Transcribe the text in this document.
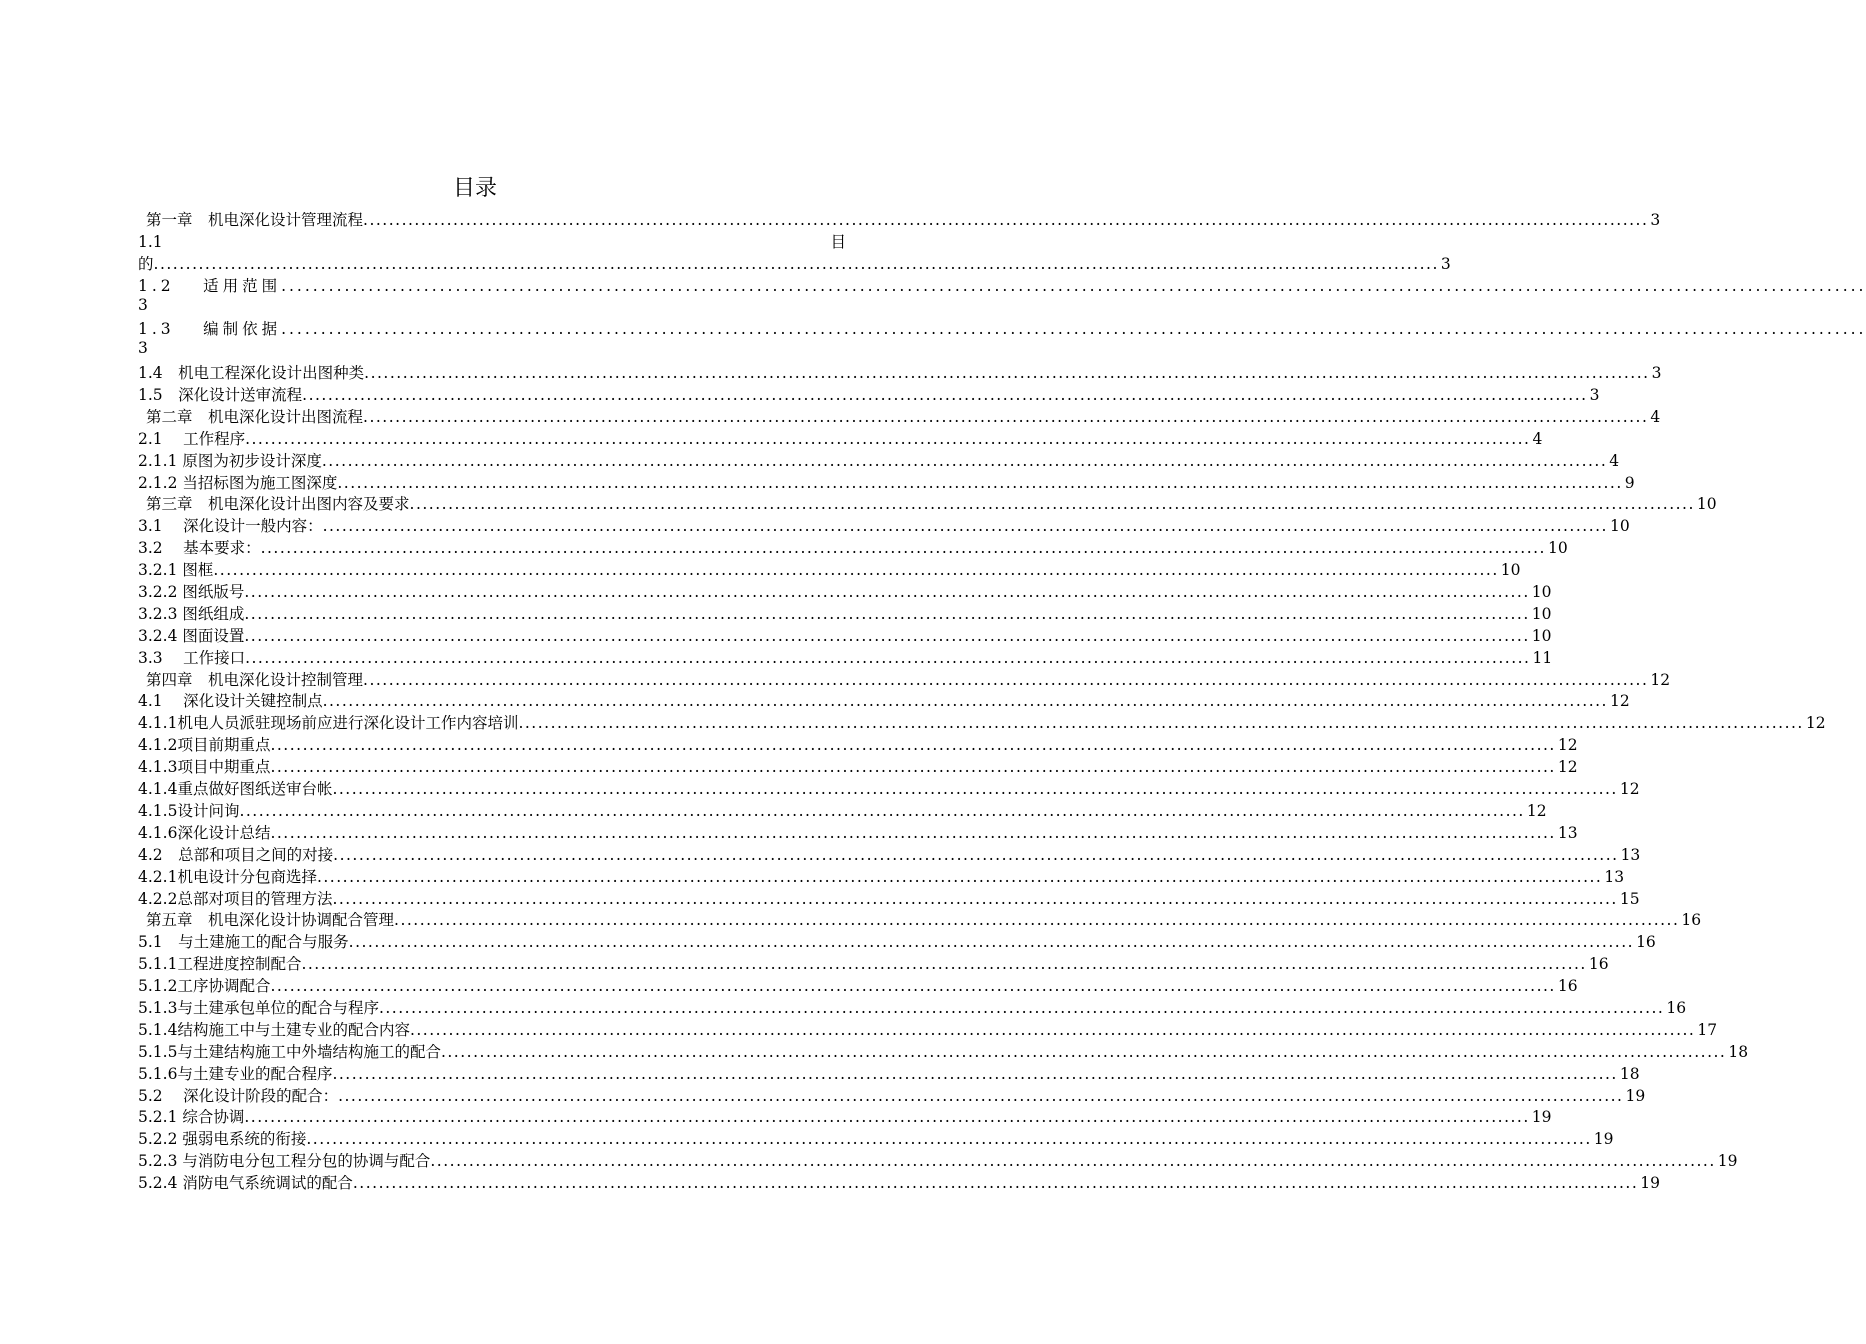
目录
第一章　机电深化设计管理流程 ........................................................................................................................................................................................................ 3
1.1	目
的 ........................................................................................................................................................................................................ 3
1.2　 适用范围 ........................................................................................................................................................................................................
3
1.3　 编制依据 ........................................................................................................................................................................................................
3
1.4　机电工程深化设计出图种类 ........................................................................................................................................................................................................ 3
1.5　深化设计送审流程 ........................................................................................................................................................................................................ 3
第二章　机电深化设计出图流程 ........................................................................................................................................................................................................ 4
2.1　 工作程序 ........................................................................................................................................................................................................ 4
2.1.1 原图为初步设计深度 ........................................................................................................................................................................................................ 4
2.1.2 当招标图为施工图深度 ........................................................................................................................................................................................................ 9
第三章　机电深化设计出图内容及要求 ........................................................................................................................................................................................................ 10
3.1　 深化设计一般内容： ........................................................................................................................................................................................................ 10
3.2　 基本要求： ........................................................................................................................................................................................................ 10
3.2.1 图框 ........................................................................................................................................................................................................ 10
3.2.2 图纸版号 ........................................................................................................................................................................................................ 10
3.2.3 图纸组成 ........................................................................................................................................................................................................ 10
3.2.4 图面设置 ........................................................................................................................................................................................................ 10
3.3　 工作接口 ........................................................................................................................................................................................................ 11
第四章　机电深化设计控制管理 ........................................................................................................................................................................................................ 12
4.1　 深化设计关键控制点 ........................................................................................................................................................................................................ 12
4.1.1机电人员派驻现场前应进行深化设计工作内容培训 ........................................................................................................................................................................................................ 12
4.1.2项目前期重点 ........................................................................................................................................................................................................ 12
4.1.3项目中期重点 ........................................................................................................................................................................................................ 12
4.1.4重点做好图纸送审台帐 ........................................................................................................................................................................................................ 12
4.1.5设计问询 ........................................................................................................................................................................................................ 12
4.1.6深化设计总结 ........................................................................................................................................................................................................ 13
4.2　总部和项目之间的对接 ........................................................................................................................................................................................................ 13
4.2.1机电设计分包商选择 ........................................................................................................................................................................................................ 13
4.2.2总部对项目的管理方法 ........................................................................................................................................................................................................ 15
第五章　机电深化设计协调配合管理 ........................................................................................................................................................................................................ 16
5.1　与土建施工的配合与服务 ........................................................................................................................................................................................................ 16
5.1.1工程进度控制配合 ........................................................................................................................................................................................................ 16
5.1.2工序协调配合 ........................................................................................................................................................................................................ 16
5.1.3与土建承包单位的配合与程序 ........................................................................................................................................................................................................ 16
5.1.4结构施工中与土建专业的配合内容 ........................................................................................................................................................................................................ 17
5.1.5与土建结构施工中外墙结构施工的配合 ........................................................................................................................................................................................................ 18
5.1.6与土建专业的配合程序 ........................................................................................................................................................................................................ 18
5.2　 深化设计阶段的配合： ........................................................................................................................................................................................................ 19
5.2.1 综合协调 ........................................................................................................................................................................................................ 19
5.2.2 强弱电系统的衔接 ........................................................................................................................................................................................................ 19
5.2.3 与消防电分包工程分包的协调与配合 ........................................................................................................................................................................................................ 19
5.2.4 消防电气系统调试的配合 ........................................................................................................................................................................................................ 19
